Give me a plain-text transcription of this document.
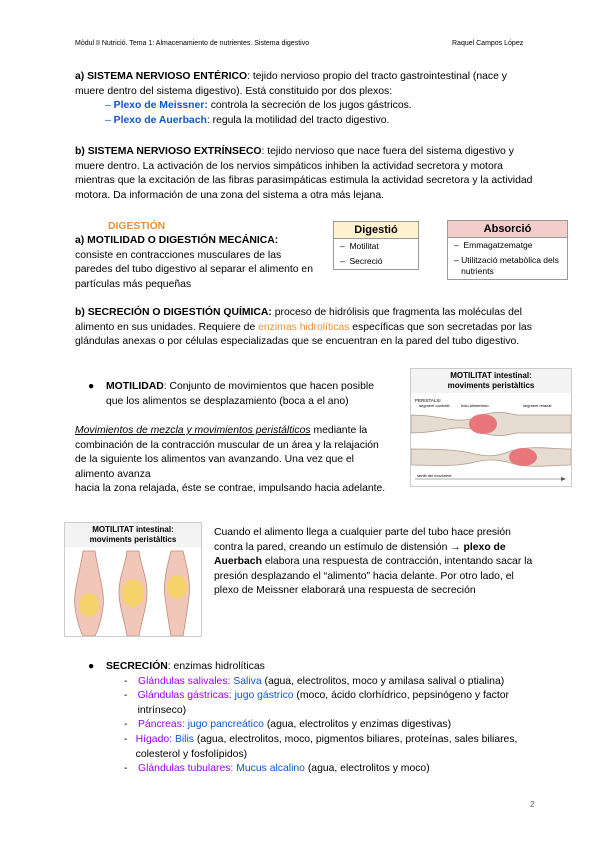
Mòdul II Nutrició. Tema 1: Almacenamiento de nutrientes. Sistema digestivo	Raquel Campos López

a) SISTEMA NERVIOSO ENTÉRICO: tejido nervioso propio del tracto gastrointestinal (nace y muere dentro del sistema digestivo). Está constituido por dos plexos:

– Plexo de Meissner: controla la secreción de los jugos gástricos.
– Plexo de Auerbach: regula la motilidad del tracto digestivo.

b) SISTEMA NERVIOSO EXTRÍNSECO: tejido nervioso que nace fuera del sistema digestivo y muere dentro. La activación de los nervios simpáticos inhiben la actividad secretora y motora mientras que la excitación de las fibras parasimpáticas estimula la actividad secretora y la actividad motora. Da información de una zona del sistema a otra más lejana.

DIGESTIÓN

a) MOTILIDAD O DIGESTIÓN MECÁNICA:
consiste en contracciones musculares de las paredes del tubo digestivo al separar el alimento en partículas más pequeñas

Digestió
–  Motilitat
–  Secreció
Absorció
–  Emmagatzematge
–
Utilització metabòlica dels nutrients

b) SECRECIÓN O DIGESTIÓN QUÍMICA: proceso de hidrólisis que fragmenta las moléculas del alimento en sus unidades. Requiere de enzimas hidrolíticas específicas que son secretadas por las glándulas anexas o por células especializadas que se encuentran en la pared del tubo digestivo.

●	MOTILIDAD: Conjunto de movimientos que hacen posible que los alimentos se desplazamiento (boca a el ano)

MOTILITAT intestinal:
moviments peristàltics
PERISTALSI
segment contràtil	bolo alimenticio	segment relaxat
sentit del moviment

Movimientos de mezcla y movimientos peristálticos mediante la combinación de la contracción muscular de un área y la relajación de la siguiente los alimentos van avanzando. Una vez que el alimento avanza
hacia la zona relajada, éste se contrae, impulsando hacia adelante.

MOTILITAT intestinal:
moviments peristàltics

Cuando el alimento llega a cualquier parte del tubo hace presión contra la pared, creando un estímulo de distensión → plexo de Auerbach elabora una respuesta de contracción, intentando sacar la presión desplazando el “alimento” hacia delante. Por otro lado, el plexo de Meissner elaborará una respuesta de secreción

●	SECRECIÓN: enzimas hidrolíticas

-	Glándulas salivales: Saliva (agua, electrolitos, moco y amilasa salival o ptialina)
- Glándulas gástricas: jugo gástrico (moco, ácido clorhídrico, pepsinógeno y factor intrínseco)
-	Páncreas: jugo pancreático (agua, electrolitos y enzimas digestivas)
- Hígado: Bilis (agua, electrolitos, moco, pigmentos biliares, proteínas, sales biliares, colesterol y fosfolípidos)
-	Glándulas tubulares: Mucus alcalino (agua, electrolitos y moco)
2
